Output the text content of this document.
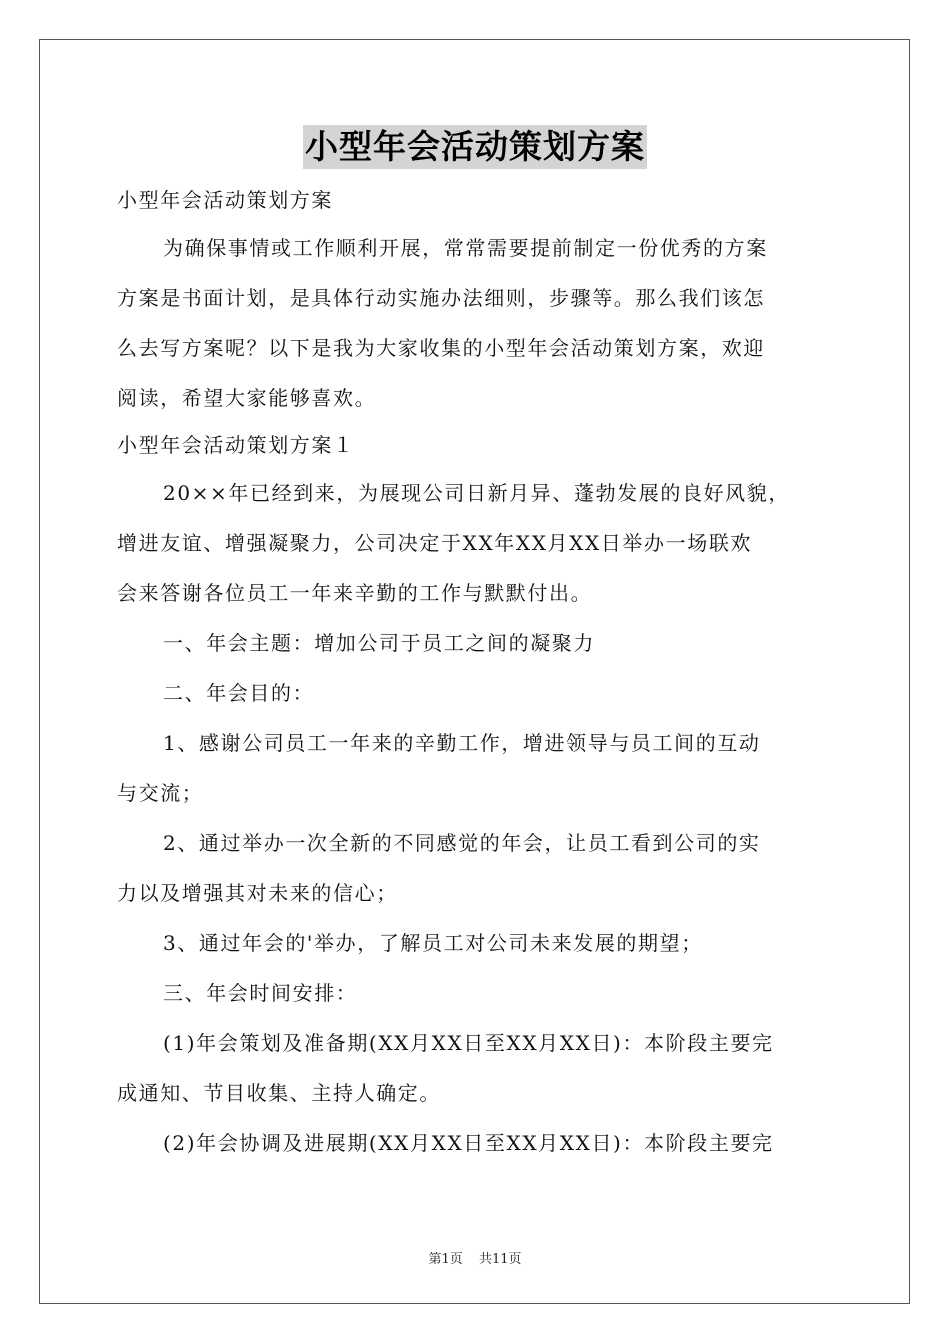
小型年会活动策划方案
小型年会活动策划方案
为确保事情或工作顺利开展，常常需要提前制定一份优秀的方案
方案是书面计划，是具体行动实施办法细则，步骤等。那么我们该怎
么去写方案呢？以下是我为大家收集的小型年会活动策划方案，欢迎
阅读，希望大家能够喜欢。
小型年会活动策划方案１
20××年已经到来，为展现公司日新月异、蓬勃发展的良好风貌，
增进友谊、增强凝聚力，公司决定于XX年XX月XX日举办一场联欢
会来答谢各位员工一年来辛勤的工作与默默付出。
一、年会主题：增加公司于员工之间的凝聚力
二、年会目的：
1、感谢公司员工一年来的辛勤工作，增进领导与员工间的互动
与交流；
2、通过举办一次全新的不同感觉的年会，让员工看到公司的实
力以及增强其对未来的信心；
3、通过年会的'举办，了解员工对公司未来发展的期望；
三、年会时间安排：
(1)年会策划及准备期(XX月XX日至XX月XX日)：本阶段主要完
成通知、节目收集、主持人确定。
(2)年会协调及进展期(XX月XX日至XX月XX日)：本阶段主要完
第1页 共11页
